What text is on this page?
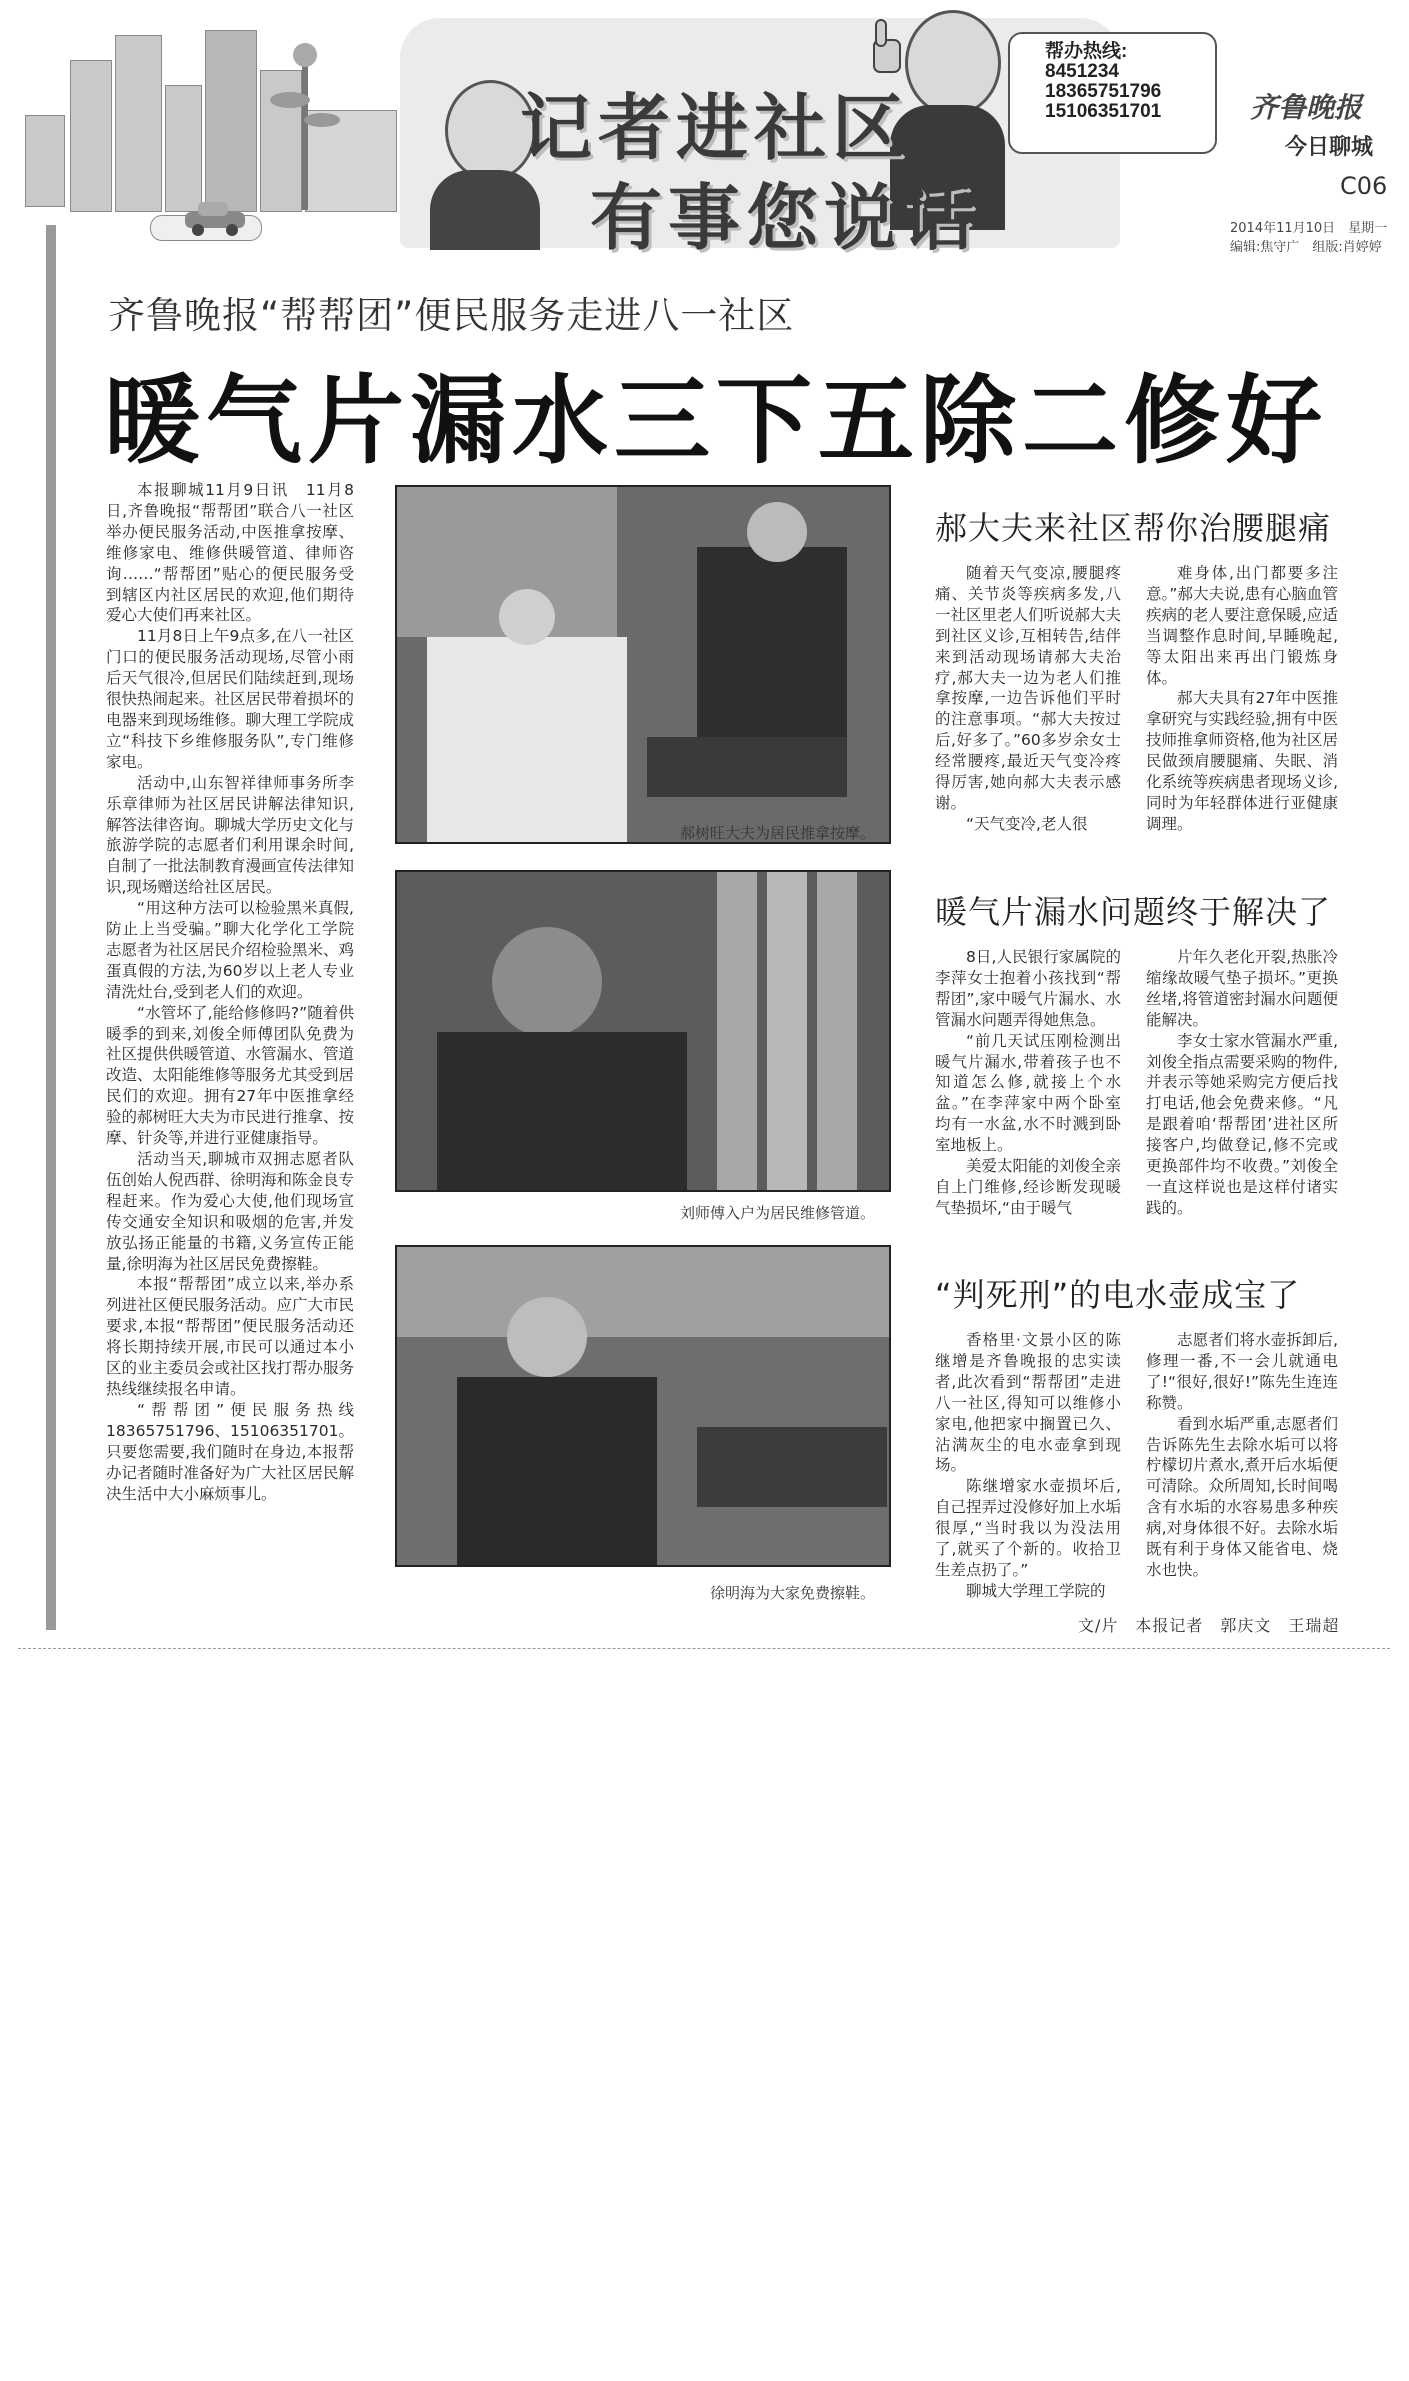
记者进社区
有事您说话
帮办热线:
8451234
18365751796
15106351701	齐鲁晚报
今日聊城
C06
2014年11月10日　星期一
编辑:焦守广　组版:肖婷婷
齐鲁晚报“帮帮团”便民服务走进八一社区
暖气片漏水三下五除二修好

本报聊城11月9日讯　11月8日,齐鲁晚报“帮帮团”联合八一社区举办便民服务活动,中医推拿按摩、维修家电、维修供暖管道、律师咨询……“帮帮团”贴心的便民服务受到辖区内社区居民的欢迎,他们期待爱心大使们再来社区。

11月8日上午9点多,在八一社区门口的便民服务活动现场,尽管小雨后天气很冷,但居民们陆续赶到,现场很快热闹起来。社区居民带着损坏的电器来到现场维修。聊大理工学院成立“科技下乡维修服务队”,专门维修家电。

活动中,山东智祥律师事务所李乐章律师为社区居民讲解法律知识,解答法律咨询。聊城大学历史文化与旅游学院的志愿者们利用课余时间,自制了一批法制教育漫画宣传法律知识,现场赠送给社区居民。

“用这种方法可以检验黑米真假,防止上当受骗。”聊大化学化工学院志愿者为社区居民介绍检验黑米、鸡蛋真假的方法,为60岁以上老人专业清洗灶台,受到老人们的欢迎。

“水管坏了,能给修修吗?”随着供暖季的到来,刘俊全师傅团队免费为社区提供供暖管道、水管漏水、管道改造、太阳能维修等服务尤其受到居民们的欢迎。拥有27年中医推拿经验的郝树旺大夫为市民进行推拿、按摩、针灸等,并进行亚健康指导。

活动当天,聊城市双拥志愿者队伍创始人倪西群、徐明海和陈金良专程赶来。作为爱心大使,他们现场宣传交通安全知识和吸烟的危害,并发放弘扬正能量的书籍,义务宣传正能量,徐明海为社区居民免费擦鞋。

本报“帮帮团”成立以来,举办系列进社区便民服务活动。应广大市民要求,本报“帮帮团”便民服务活动还将长期持续开展,市民可以通过本小区的业主委员会或社区找打帮办服务热线继续报名申请。

“帮帮团”便民服务热线18365751796、15106351701。只要您需要,我们随时在身边,本报帮办记者随时准备好为广大社区居民解决生活中大小麻烦事儿。

郝树旺大夫为居民推拿按摩。
刘师傅入户为居民维修管道。
徐明海为大家免费擦鞋。
郝大夫来社区帮你治腰腿痛

随着天气变凉,腰腿疼痛、关节炎等疾病多发,八一社区里老人们听说郝大夫到社区义诊,互相转告,结伴来到活动现场请郝大夫治疗,郝大夫一边为老人们推拿按摩,一边告诉他们平时的注意事项。“郝大夫按过后,好多了。”60多岁余女士经常腰疼,最近天气变冷疼得厉害,她向郝大夫表示感谢。

“天气变冷,老人很

难身体,出门都要多注意。”郝大夫说,患有心脑血管疾病的老人要注意保暖,应适当调整作息时间,早睡晚起,等太阳出来再出门锻炼身体。

郝大夫具有27年中医推拿研究与实践经验,拥有中医技师推拿师资格,他为社区居民做颈肩腰腿痛、失眠、消化系统等疾病患者现场义诊,同时为年轻群体进行亚健康调理。

暖气片漏水问题终于解决了

8日,人民银行家属院的李萍女士抱着小孩找到“帮帮团”,家中暖气片漏水、水管漏水问题弄得她焦急。

“前几天试压刚检测出暖气片漏水,带着孩子也不知道怎么修,就接上个水盆。”在李萍家中两个卧室均有一水盆,水不时溅到卧室地板上。

美爱太阳能的刘俊全亲自上门维修,经诊断发现暖气垫损坏,“由于暖气

片年久老化开裂,热胀冷缩缘故暖气垫子损坏。”更换丝堵,将管道密封漏水问题便能解决。

李女士家水管漏水严重,刘俊全指点需要采购的物件,并表示等她采购完方便后找打电话,他会免费来修。“凡是跟着咱‘帮帮团’进社区所接客户,均做登记,修不完或更换部件均不收费。”刘俊全一直这样说也是这样付诸实践的。

“判死刑”的电水壶成宝了

香格里·文景小区的陈继增是齐鲁晚报的忠实读者,此次看到“帮帮团”走进八一社区,得知可以维修小家电,他把家中搁置已久、沾满灰尘的电水壶拿到现场。

陈继增家水壶损坏后,自己捏弄过没修好加上水垢很厚,“当时我以为没法用了,就买了个新的。收拾卫生差点扔了。”

聊城大学理工学院的

志愿者们将水壶拆卸后,修理一番,不一会儿就通电了!“很好,很好!”陈先生连连称赞。

看到水垢严重,志愿者们告诉陈先生去除水垢可以将柠檬切片煮水,煮开后水垢便可清除。众所周知,长时间喝含有水垢的水容易患多种疾病,对身体很不好。去除水垢既有利于身体又能省电、烧水也快。

文/片　本报记者　郭庆文　王瑞超
